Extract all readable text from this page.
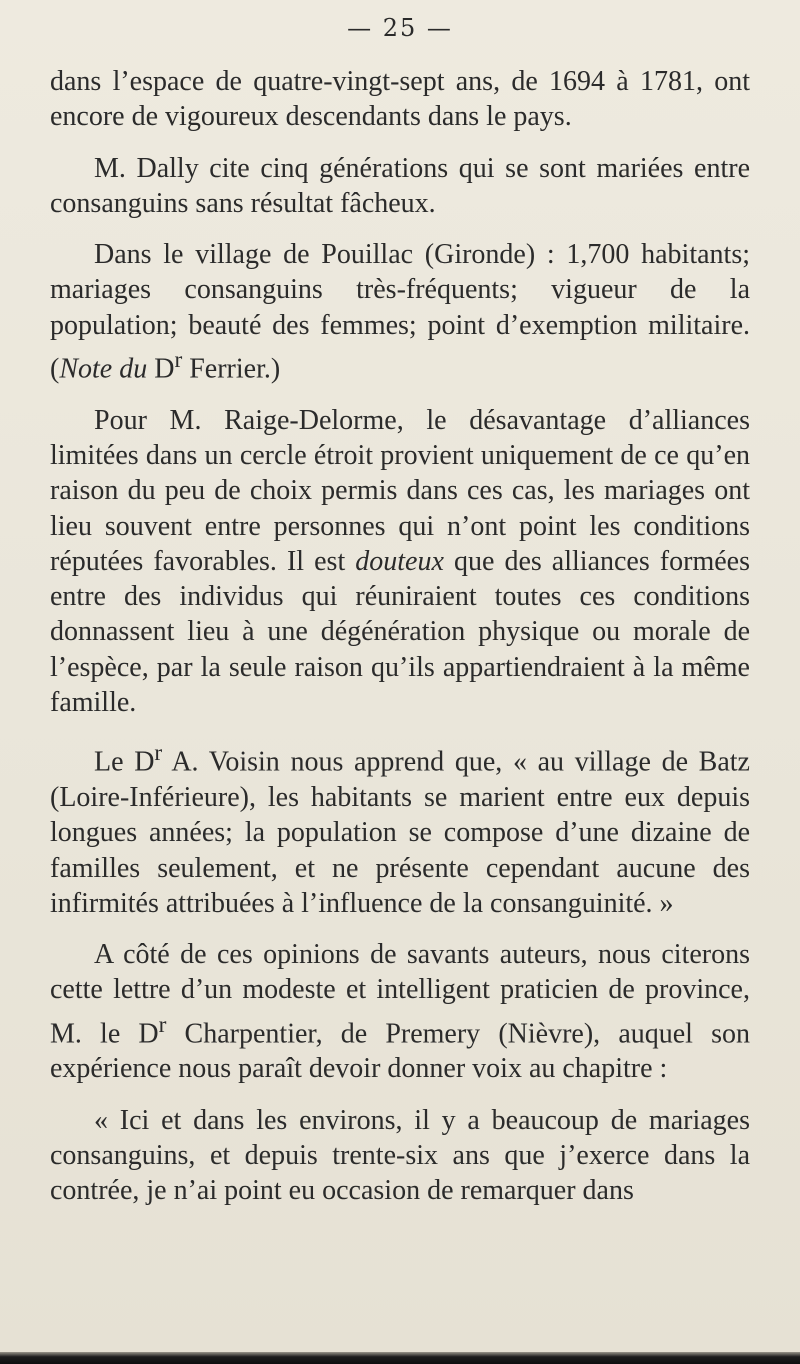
— 25 —

dans l’espace de quatre-vingt-sept ans, de 1694 à 1781, ont encore de vigoureux descendants dans le pays.

M. Dally cite cinq générations qui se sont mariées entre consanguins sans résultat fâcheux.

Dans le village de Pouillac (Gironde) : 1,700 habitants; mariages consanguins très-fréquents; vigueur de la population; beauté des femmes; point d’exemption militaire. (Note du $D^r$ Ferrier.)

Pour M. Raige-Delorme, le désavantage d’alliances limitées dans un cercle étroit provient uniquement de ce qu’en raison du peu de choix permis dans ces cas, les mariages ont lieu souvent entre personnes qui n’ont point les conditions réputées favorables. Il est douteux que des alliances formées entre des individus qui réuniraient toutes ces conditions donnassent lieu à une dégénération physique ou morale de l’espèce, par la seule raison qu’ils appartiendraient à la même famille.

Le $D^r$ A. Voisin nous apprend que, « au village de Batz (Loire-Inférieure), les habitants se marient entre eux depuis longues années; la population se compose d’une dizaine de familles seulement, et ne présente cependant aucune des infirmités attribuées à l’influence de la consanguinité. »

A côté de ces opinions de savants auteurs, nous citerons cette lettre d’un modeste et intelligent praticien de province, M. le $D^r$ Charpentier, de Premery (Nièvre), auquel son expérience nous paraît devoir donner voix au chapitre :

« Ici et dans les environs, il y a beaucoup de mariages consanguins, et depuis trente-six ans que j’exerce dans la contrée, je n’ai point eu occasion de remarquer dans
